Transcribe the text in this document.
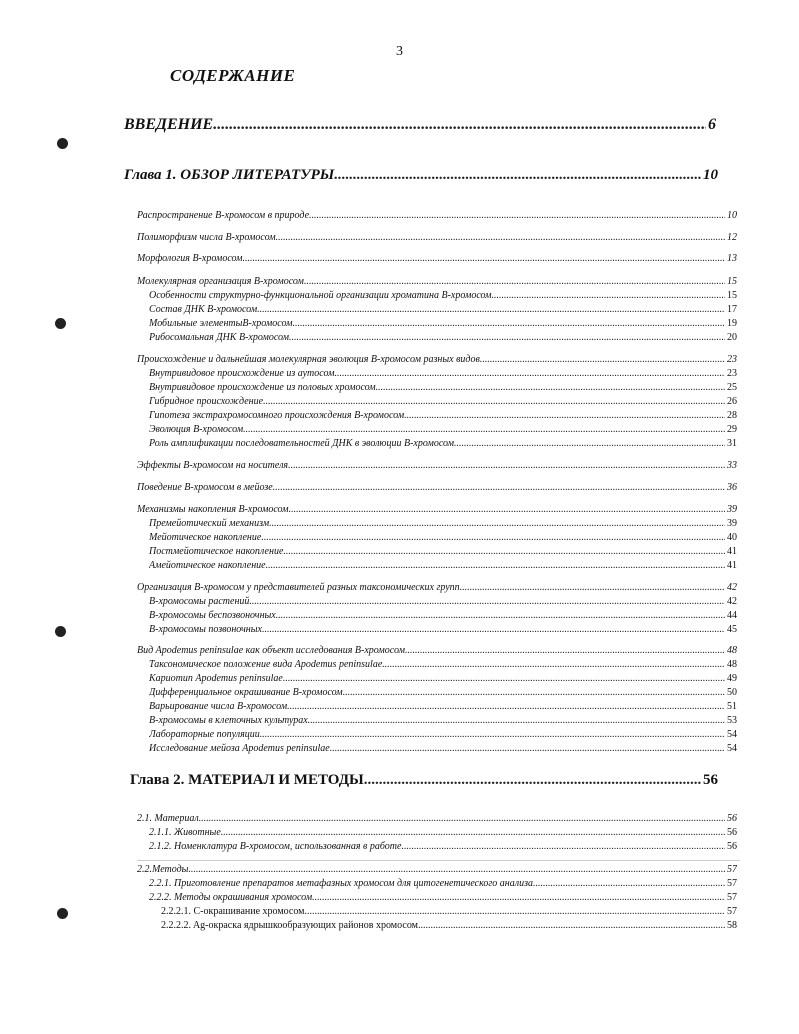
3
СОДЕРЖАНИЕ
ВВЕДЕНИЕ .....	6
Глава 1. ОБЗОР ЛИТЕРАТУРЫ .....	10
Распространение В-хромосом в природе .....	10
Полиморфизм числа В-хромосом .....	12
Морфология В-хромосом .....	13
Молекулярная организация В-хромосом .....	15
Особенности структурно-функциональной организации хроматина В-хромосом .....	15
Состав ДНК В-хромосом .....	17
Мобильные элементыВ-хромосом .....	19
Рибосомальная ДНК В-хромосом .....	20
Происхождение и дальнейшая молекулярная эволюция В-хромосом разных видов .....	23
Внутривидовое происхождение из аутосом .....	23
Внутривидовое происхождение из половых хромосом .....	25
Гибридное происхождение .....	26
Гипотеза экстрахромосомного происхождения В-хромосом .....	28
Эволюция В-хромосом .....	29
Роль амплификации последовательностей ДНК в эволюции В-хромосом .....	31
Эффекты В-хромосом на носителя .....	33
Поведение В-хромосом в мейозе .....	36
Механизмы накопления В-хромосом .....	39
Премейотический механизм .....	39
Мейотическое накопление .....	40
Постмейотическое накопление .....	41
Амейотическое накопление .....	41
Организация В-хромосом у представителей разных таксономических групп .....	42
В-хромосомы растений .....	42
В-хромосомы беспозвоночных .....	44
В-хромосомы позвоночных .....	45
Вид Apodemus peninsulae как объект исследования В-хромосом .....	48
Таксономическое положение вида Apodemus peninsulae .....	48
Кариотип Apodemus peninsulae .....	49
Дифференциальное окрашивание В-хромосом .....	50
Варьирование числа В-хромосом .....	51
В-хромосомы в клеточных культурах .....	53
Лабораторные популяции .....	54
Исследование мейоза Apodemus peninsulae .....	54
Глава 2. МАТЕРИАЛ И МЕТОДЫ .....	56
2.1. Материал .....	56
2.1.1. Животные .....	56
2.1.2. Номенклатура В-хромосом, использованная в работе .....	56
2.2.Методы .....	57
2.2.1. Приготовление препаратов метафазных хромосом для цитогенетического анализа .....	57
2.2.2. Методы окрашивания хромосом .....	57
2.2.2.1. С-окрашивание хромосом .....	57
2.2.2.2. Ag-окраска ядрышкообразующих районов хромосом .....	58
